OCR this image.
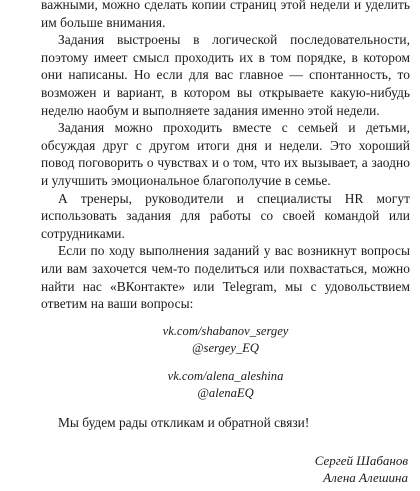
важными, можно сделать копии страниц этой недели и уделить им больше внимания.

Задания выстроены в логической последовательности, поэтому имеет смысл проходить их в том порядке, в котором они написаны. Но если для вас главное — спонтанность, то возможен и вариант, в котором вы открываете какую-нибудь неделю наобум и выполняете задания именно этой недели.

Задания можно проходить вместе с семьей и детьми, обсуждая друг с другом итоги дня и недели. Это хороший повод поговорить о чувствах и о том, что их вызывает, а заодно и улучшить эмоциональное благополучие в семье.

А тренеры, руководители и специалисты HR могут использовать задания для работы со своей командой или сотрудниками.

Если по ходу выполнения заданий у вас возникнут вопросы или вам захочется чем-то поделиться или похвастаться, можно найти нас «ВКонтакте» или Telegram, мы с удовольствием ответим на ваши вопросы:

vk.com/shabanov_sergey
@sergey_EQ
vk.com/alena_aleshina
@alenaEQ

Мы будем рады откликам и обратной связи!

Сергей Шабанов
Алена Алешина
